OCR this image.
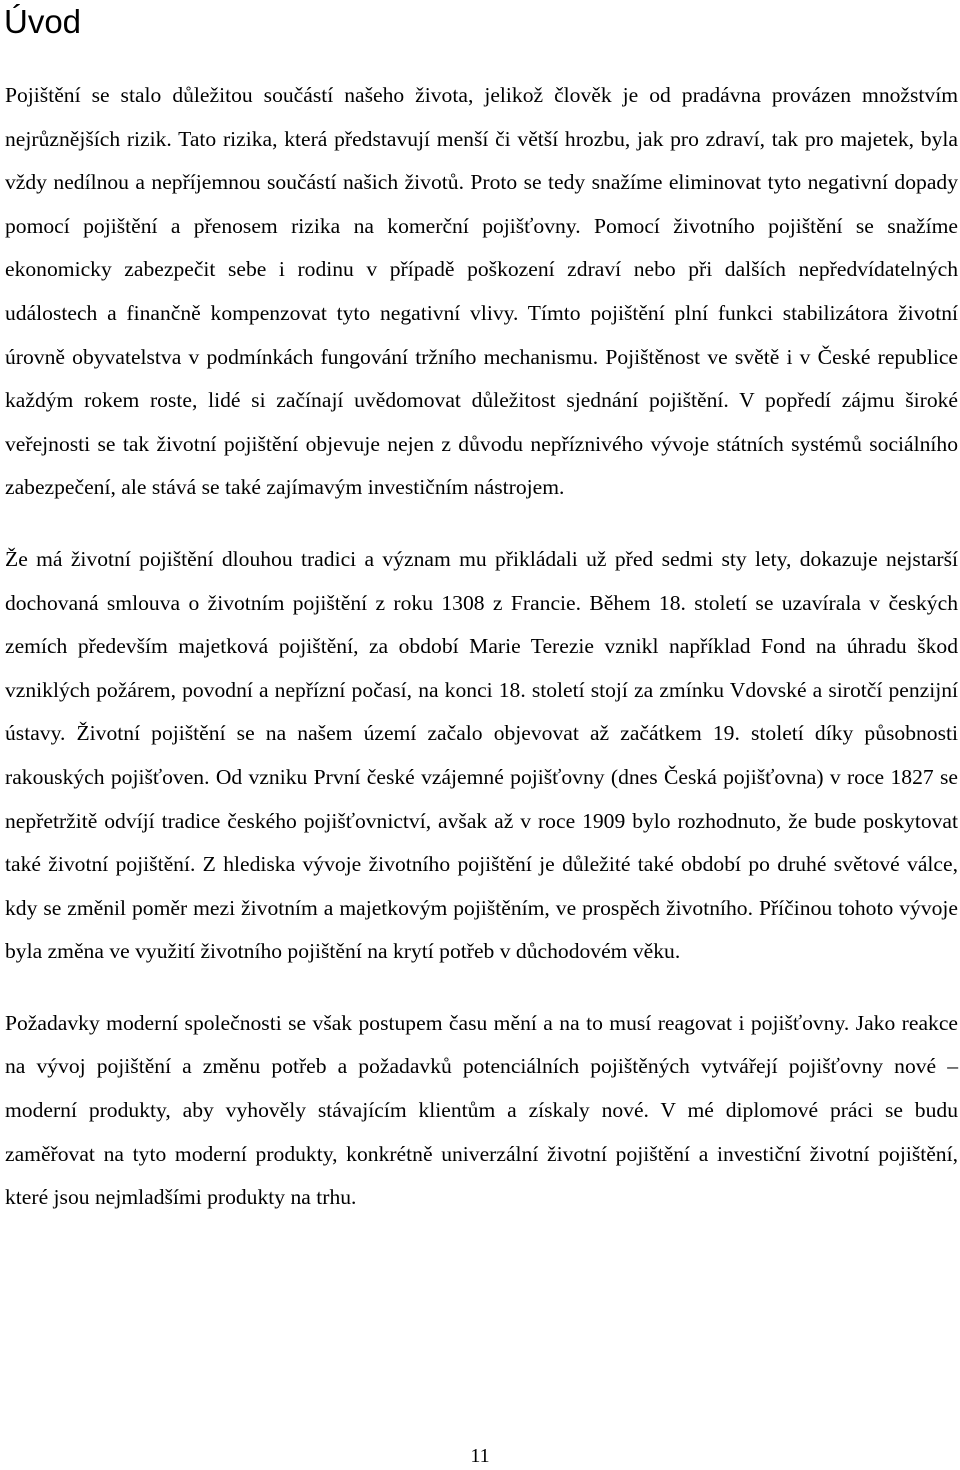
Úvod

Pojištění se stalo důležitou součástí našeho života, jelikož člověk je od pradávna provázen množstvím nejrůznějších rizik. Tato rizika, která představují menší či větší hrozbu, jak pro zdraví, tak pro majetek, byla vždy nedílnou a nepříjemnou součástí našich životů. Proto se tedy snažíme eliminovat tyto negativní dopady pomocí pojištění a přenosem rizika na komerční pojišťovny. Pomocí životního pojištění se snažíme ekonomicky zabezpečit sebe i rodinu v případě poškození zdraví nebo při dalších nepředvídatelných událostech a finančně kompenzovat tyto negativní vlivy. Tímto pojištění plní funkci stabilizátora životní úrovně obyvatelstva v podmínkách fungování tržního mechanismu. Pojištěnost ve světě i v České republice každým rokem roste, lidé si začínají uvědomovat důležitost sjednání pojištění. V popředí zájmu široké veřejnosti se tak životní pojištění objevuje nejen z důvodu nepříznivého vývoje státních systémů sociálního zabezpečení, ale stává se také zajímavým investičním nástrojem.

Že má životní pojištění dlouhou tradici a význam mu přikládali už před sedmi sty lety, dokazuje nejstarší dochovaná smlouva o životním pojištění z roku 1308 z Francie. Během 18. století se uzavírala v českých zemích především majetková pojištění, za období Marie Terezie vznikl například Fond na úhradu škod vzniklých požárem, povodní a nepřízní počasí, na konci 18. století stojí za zmínku Vdovské a sirotčí penzijní ústavy. Životní pojištění se na našem území začalo objevovat až začátkem 19. století díky působnosti rakouských pojišťoven. Od vzniku První české vzájemné pojišťovny (dnes Česká pojišťovna) v roce 1827 se nepřetržitě odvíjí tradice českého pojišťovnictví, avšak až v roce 1909 bylo rozhodnuto, že bude poskytovat také životní pojištění. Z hlediska vývoje životního pojištění je důležité také období po druhé světové válce, kdy se změnil poměr mezi životním a majetkovým pojištěním, ve prospěch životního. Příčinou tohoto vývoje byla změna ve využití životního pojištění na krytí potřeb v důchodovém věku.

Požadavky moderní společnosti se však postupem času mění a na to musí reagovat i pojišťovny. Jako reakce na vývoj pojištění a změnu potřeb a požadavků potenciálních pojištěných vytvářejí pojišťovny nové – moderní produkty, aby vyhověly stávajícím klientům a získaly nové. V mé diplomové práci se budu zaměřovat na tyto moderní produkty, konkrétně univerzální životní pojištění a investiční životní pojištění, které jsou nejmladšími produkty na trhu.

11
